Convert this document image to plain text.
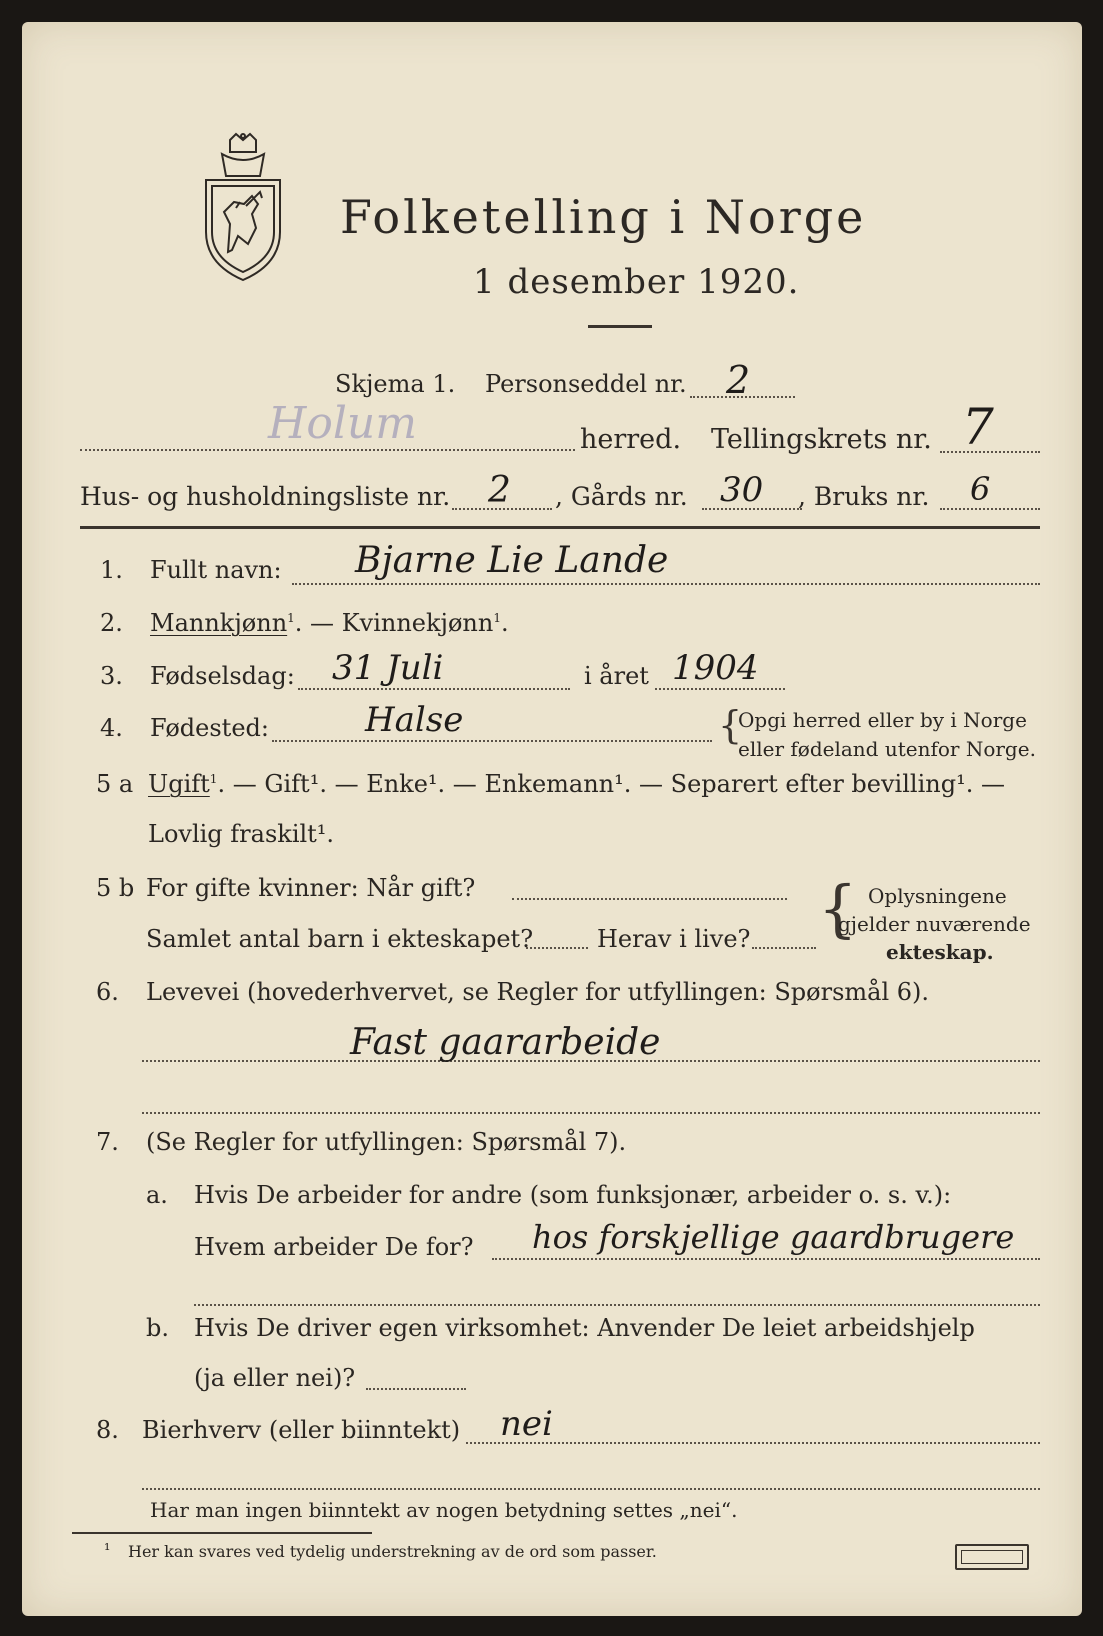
Folketelling i Norge
1 desember 1920.
Skjema 1. Personseddel nr. 2
Holum	herred. Tellingskrets nr. 7
Hus- og husholdningsliste nr. 2 , Gårds nr. 30 , Bruks nr. 6
1. Fullt navn: Bjarne Lie Lande
2. Mannkjønn$^1$. — Kvinnekjønn$^1$.
3. Fødselsdag: 31 Juli	i året 1904
4. Fødested:	Halse	{
Opgi herred eller by i Norge
eller fødeland utenfor Norge.
5 a Ugift$^1$. — Gift¹. — Enke¹. — Enkemann¹. — Separert efter bevilling¹. —
Lovlig fraskilt¹.
5 b For gifte kvinner: Når gift?
Samlet antal barn i ekteskapet?	Herav i live? { Oplysningene
gjelder nuværende
ekteskap.
6. Levevei (hovederhvervet, se Regler for utfyllingen: Spørsmål 6).
Fast gaararbeide
7. (Se Regler for utfyllingen: Spørsmål 7).
a. Hvis De arbeider for andre (som funksjonær, arbeider o. s. v.):
Hvem arbeider De for? hos forskjellige gaardbrugere
b. Hvis De driver egen virksomhet: Anvender De leiet arbeidshjelp
(ja eller nei)?
8. Bierhverv (eller biinntekt) nei
Har man ingen biinntekt av nogen betydning settes „nei“.
¹ Her kan svares ved tydelig understrekning av de ord som passer.
